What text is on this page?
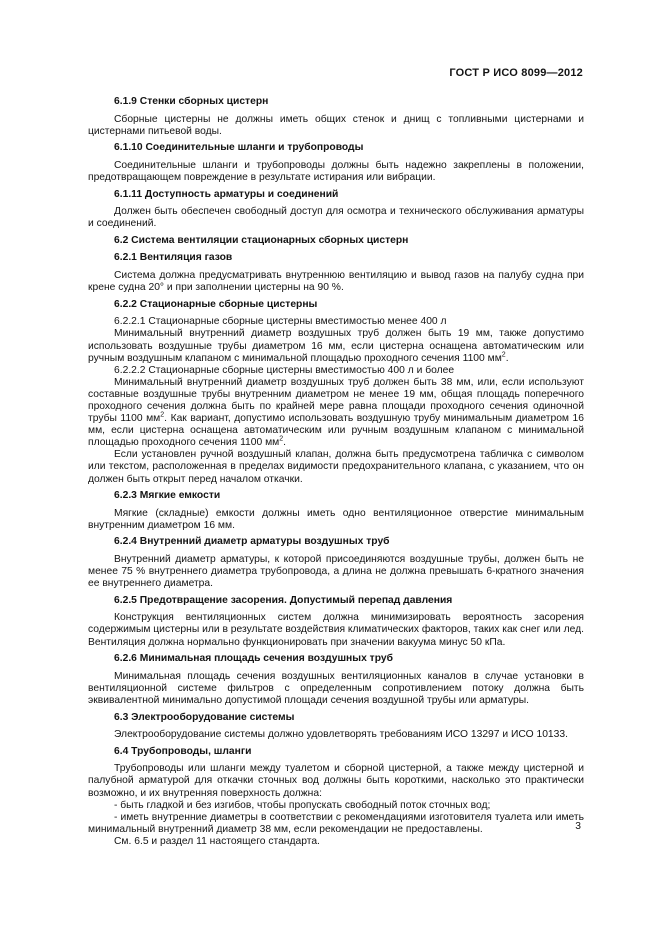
ГОСТ Р ИСО 8099—2012
6.1.9 Стенки сборных цистерн
Сборные цистерны не должны иметь общих стенок и днищ с топливными цистернами и цистернами питьевой воды.
6.1.10 Соединительные шланги и трубопроводы
Соединительные шланги и трубопроводы должны быть надежно закреплены в положении, предотвращающем повреждение в результате истирания или вибрации.
6.1.11 Доступность арматуры и соединений
Должен быть обеспечен свободный доступ для осмотра и технического обслуживания арматуры и соединений.
6.2 Система вентиляции стационарных сборных цистерн
6.2.1 Вентиляция газов
Система должна предусматривать внутреннюю вентиляцию и вывод газов на палубу судна при крене судна 20° и при заполнении цистерны на 90 %.
6.2.2 Стационарные сборные цистерны
6.2.2.1 Стационарные сборные цистерны вместимостью менее 400 л
Минимальный внутренний диаметр воздушных труб должен быть 19 мм, также допустимо использовать воздушные трубы диаметром 16 мм, если цистерна оснащена автоматическим или ручным воздушным клапаном с минимальной площадью проходного сечения 1100 $мм^2$.
6.2.2.2 Стационарные сборные цистерны вместимостью 400 л и более
Минимальный внутренний диаметр воздушных труб должен быть 38 мм, или, если используют составные воздушные трубы внутренним диаметром не менее 19 мм, общая площадь поперечного проходного сечения должна быть по крайней мере равна площади проходного сечения одиночной трубы 1100 $мм^2$. Как вариант, допустимо использовать воздушную трубу минимальным диаметром 16 мм, если цистерна оснащена автоматическим или ручным воздушным клапаном с минимальной площадью проходного сечения 1100 $мм^2$.
Если установлен ручной воздушный клапан, должна быть предусмотрена табличка с символом или текстом, расположенная в пределах видимости предохранительного клапана, с указанием, что он должен быть открыт перед началом откачки.
6.2.3 Мягкие емкости
Мягкие (складные) емкости должны иметь одно вентиляционное отверстие минимальным внутренним диаметром 16 мм.
6.2.4 Внутренний диаметр арматуры воздушных труб
Внутренний диаметр арматуры, к которой присоединяются воздушные трубы, должен быть не менее 75 % внутреннего диаметра трубопровода, а длина не должна превышать 6-кратного значения ее внутреннего диаметра.
6.2.5 Предотвращение засорения. Допустимый перепад давления
Конструкция вентиляционных систем должна минимизировать вероятность засорения содержимым цистерны или в результате воздействия климатических факторов, таких как снег или лед. Вентиляция должна нормально функционировать при значении вакуума минус 50 кПа.
6.2.6 Минимальная площадь сечения воздушных труб
Минимальная площадь сечения воздушных вентиляционных каналов в случае установки в вентиляционной системе фильтров с определенным сопротивлением потоку должна быть эквивалентной минимально допустимой площади сечения воздушной трубы или арматуры.
6.3 Электрооборудование системы
Электрооборудование системы должно удовлетворять требованиям ИСО 13297 и ИСО 10133.
6.4 Трубопроводы, шланги
Трубопроводы или шланги между туалетом и сборной цистерной, а также между цистерной и палубной арматурой для откачки сточных вод должны быть короткими, насколько это практически возможно, и их внутренняя поверхность должна:
- быть гладкой и без изгибов, чтобы пропускать свободный поток сточных вод;
- иметь внутренние диаметры в соответствии с рекомендациями изготовителя туалета или иметь минимальный внутренний диаметр 38 мм, если рекомендации не предоставлены.
См. 6.5 и раздел 11 настоящего стандарта.
3
